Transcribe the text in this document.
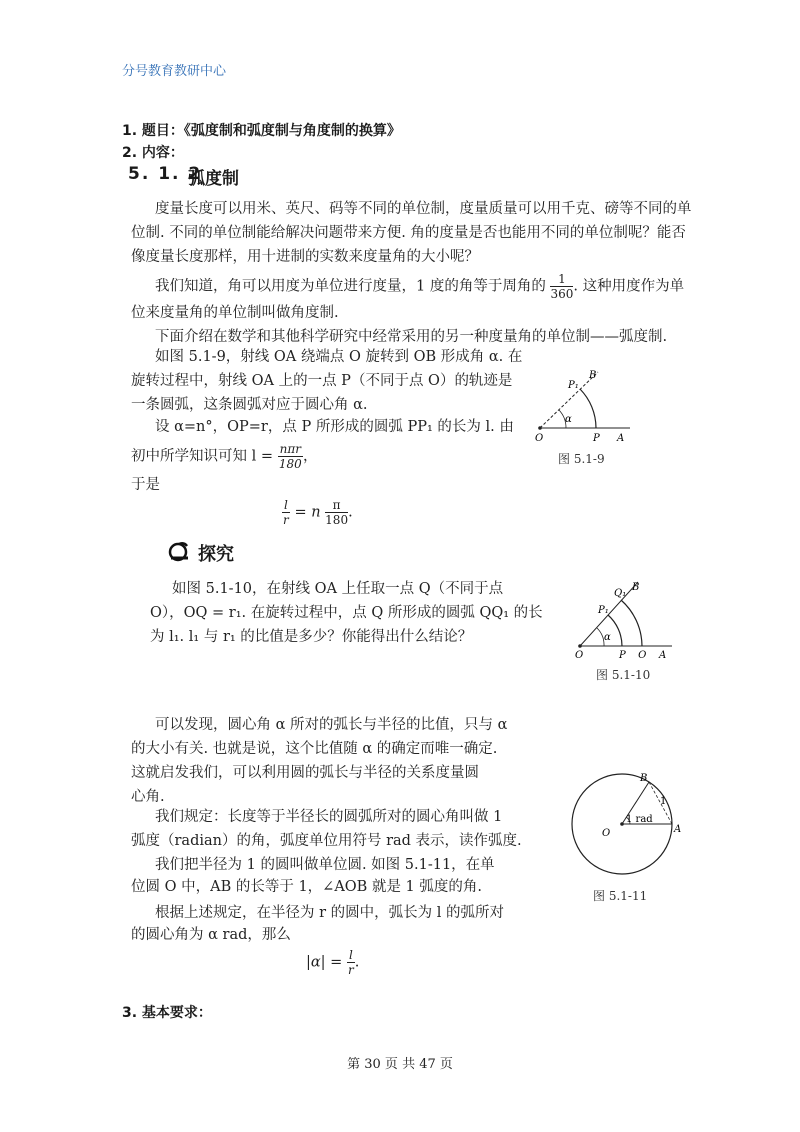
分号教育教研中心
1. 题目：《弧度制和弧度制与角度制的换算》
2. 内容：
5. 1. 2
弧度制
度量长度可以用米、英尺、码等不同的单位制，度量质量可以用千克、磅等不同的单
位制. 不同的单位制能给解决问题带来方便. 角的度量是否也能用不同的单位制呢？能否
像度量长度那样，用十进制的实数来度量角的大小呢？
我们知道，角可以用度为单位进行度量，1 度的角等于周角的 $\frac{1}{360}$ . 这种用度作为单
位来度量角的单位制叫做角度制.
下面介绍在数学和其他科学研究中经常采用的另一种度量角的单位制——弧度制.
如图 5.1-9，射线 OA 绕端点 O 旋转到 OB 形成角 α. 在
旋转过程中，射线 OA 上的一点 P（不同于点 O）的轨迹是
一条圆弧，这条圆弧对应于圆心角 α.
设 α=n°，OP=r，点 P 所形成的圆弧 PP₁ 的长为 l. 由
初中所学知识可知 $l = \frac{\text{nπr}}{180}$ ，
于是
$\frac{l}{r} = n \frac{\pi}{180}$ .
探究
如图 5.1-10，在射线 OA 上任取一点 Q（不同于点
O），OQ = r₁. 在旋转过程中，点 Q 所形成的圆弧 QQ₁ 的长
为 l₁. l₁ 与 r₁ 的比值是多少？你能得出什么结论？
可以发现，圆心角 α 所对的弧长与半径的比值，只与 α
的大小有关. 也就是说，这个比值随 α 的确定而唯一确定.
这就启发我们，可以利用圆的弧长与半径的关系度量圆
心角.
我们规定：长度等于半径长的圆弧所对的圆心角叫做 1
弧度（radian）的角，弧度单位用符号 rad 表示，读作弧度.
我们把半径为 1 的圆叫做单位圆. 如图 5.1-11，在单
位圆 O 中，AB 的长等于 1，∠AOB 就是 1 弧度的角.
根据上述规定，在半径为 r 的圆中，弧长为 l 的弧所对
的圆心角为 α rad，那么
$|\alpha| = \frac{l}{r}$ .
3. 基本要求：
B
P₁
α
O	P A
图 5.1-9
B
Q₁
P₁
α
O	P Q A
图 5.1-10
B
1
1 rad
O	A
图 5.1-11
第 30 页 共 47 页
